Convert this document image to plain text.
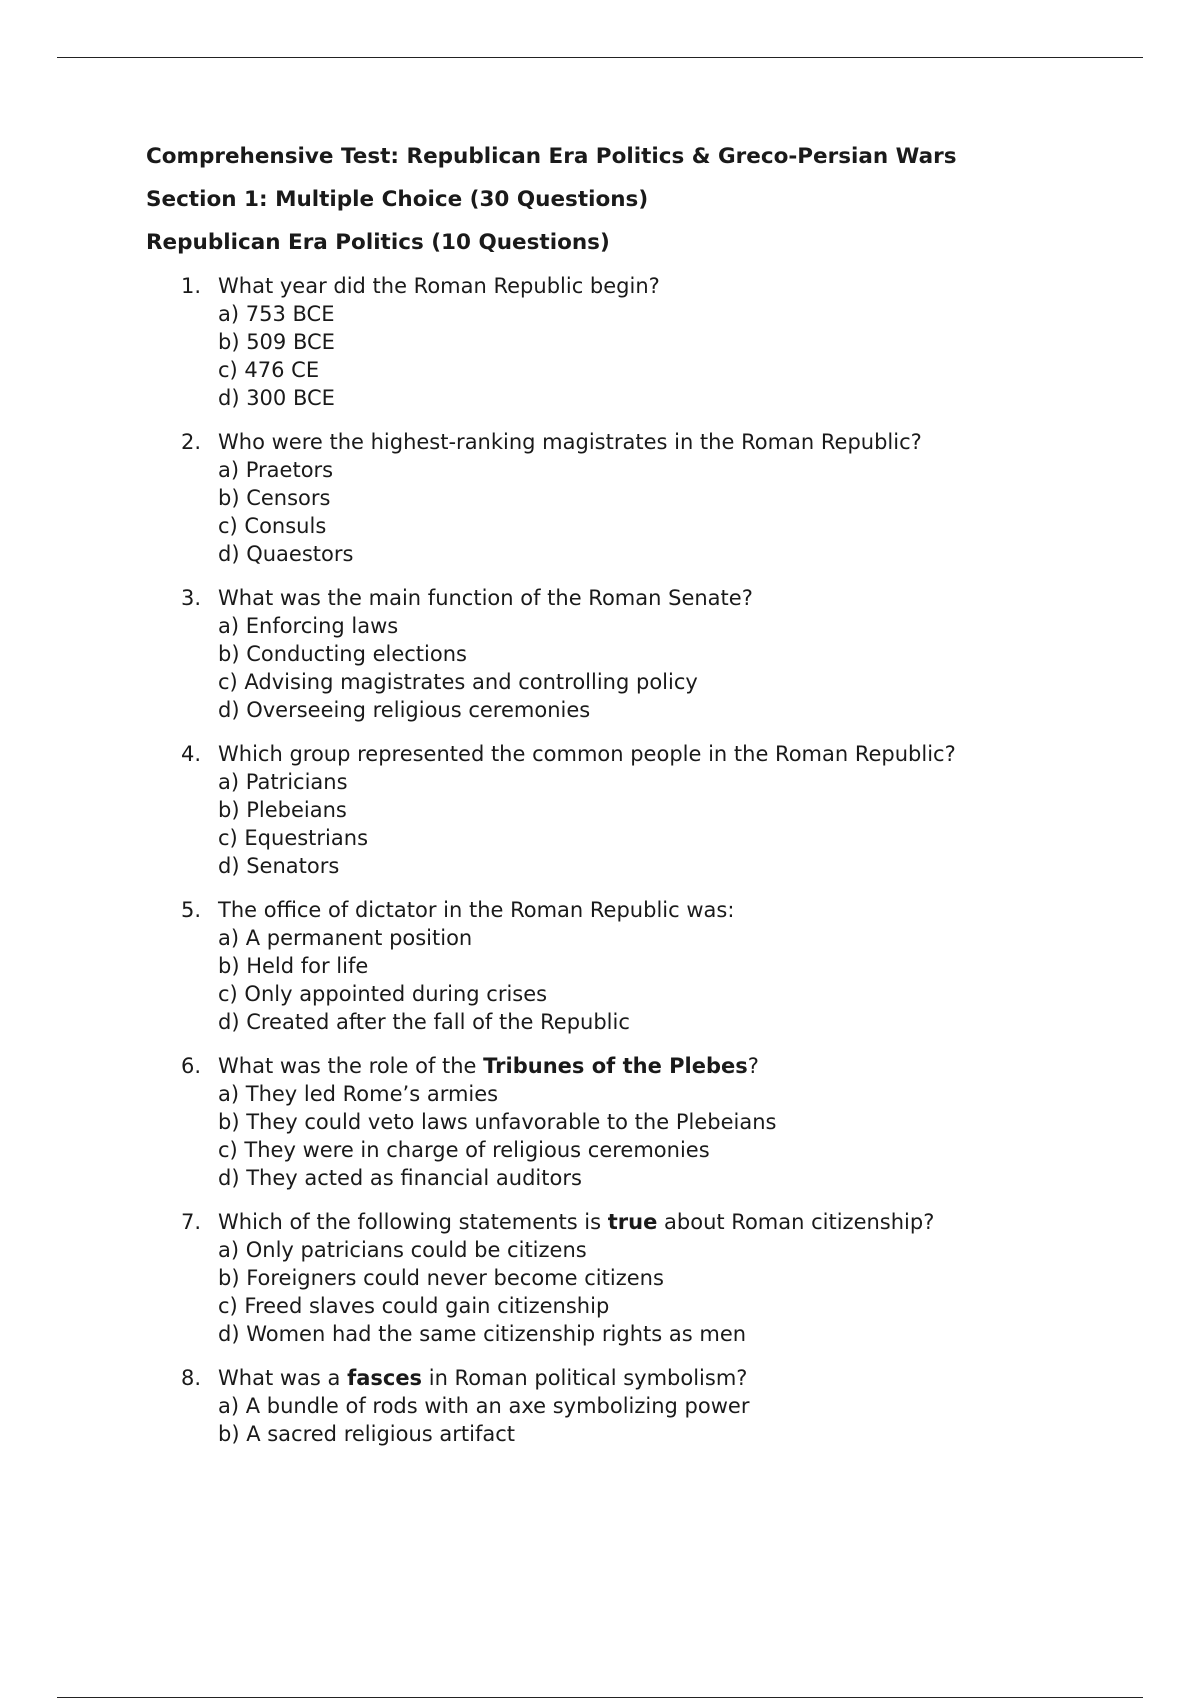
Comprehensive Test: Republican Era Politics & Greco-Persian Wars
Section 1: Multiple Choice (30 Questions)
Republican Era Politics (10 Questions)
1. What year did the Roman Republic begin?
a) 753 BCE
b) 509 BCE
c) 476 CE
d) 300 BCE
2. Who were the highest-ranking magistrates in the Roman Republic?
a) Praetors
b) Censors
c) Consuls
d) Quaestors
3. What was the main function of the Roman Senate?
a) Enforcing laws
b) Conducting elections
c) Advising magistrates and controlling policy
d) Overseeing religious ceremonies
4. Which group represented the common people in the Roman Republic?
a) Patricians
b) Plebeians
c) Equestrians
d) Senators
5. The office of dictator in the Roman Republic was:
a) A permanent position
b) Held for life
c) Only appointed during crises
d) Created after the fall of the Republic
6. What was the role of the Tribunes of the Plebes?
a) They led Rome’s armies
b) They could veto laws unfavorable to the Plebeians
c) They were in charge of religious ceremonies
d) They acted as financial auditors
7. Which of the following statements is true about Roman citizenship?
a) Only patricians could be citizens
b) Foreigners could never become citizens
c) Freed slaves could gain citizenship
d) Women had the same citizenship rights as men
8. What was a fasces in Roman political symbolism?
a) A bundle of rods with an axe symbolizing power
b) A sacred religious artifact
